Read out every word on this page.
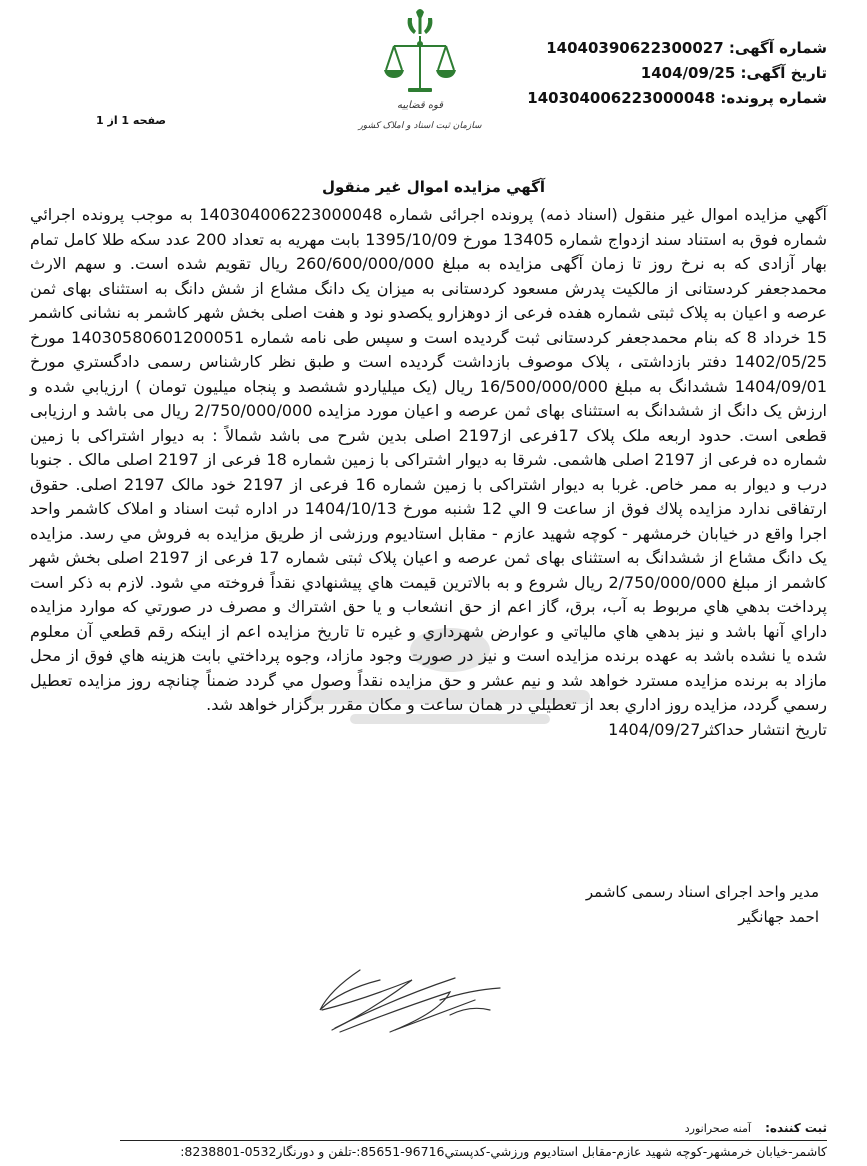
شماره آگهی: 14040390622300027
تاریخ آگهی: 1404/09/25
شماره پرونده: 140304006223000048
قوه قضاییه
سازمان ثبت اسناد و املاک کشور
صفحه 1 از 1
آگهي مزايده اموال غير منقول
آگهي مزايده اموال غير منقول (اسناد ذمه) پرونده اجرائی شماره 140304006223000048 به موجب پرونده اجرائي شماره فوق به استناد سند ازدواج شماره 13405 مورخ 1395/10/09 بابت مهريه به تعداد 200 عدد سکه طلا کامل تمام بهار آزادی که به نرخ روز تا زمان آگهی مزایده به مبلغ 260/600/000/000 ريال تقويم شده است. و سهم الارث محمدجعفر کردستانی از مالکيت پدرش مسعود کردستانی به ميزان يک دانگ مشاع از شش دانگ به استثنای بهای ثمن عرصه و اعيان به پلاک ثبتی شماره هفده فرعی از دوهزارو يکصدو نود و هفت اصلی بخش شهر کاشمر به نشانی کاشمر 15 خرداد 8 که بنام محمدجعفر کردستانی ثبت گرديده است و سپس طی نامه شماره 14030580601200051 مورخ 1402/05/25 دفتر بازداشتی ، پلاک موصوف بازداشت گرديده است و طبق نظر کارشناس رسمی دادگستري مورخ 1404/09/01 ششدانگ به مبلغ 16/500/000/000 ريال (يک ميلياردو ششصد و پنجاه ميليون تومان ) ارزيابي شده و ارزش يک دانگ از ششدانگ به استثنای بهای ثمن عرصه و اعيان مورد مزايده 2/750/000/000 ريال می باشد و ارزيابی قطعی است. حدود اربعه ملک پلاک 17فرعی از2197 اصلی بدين شرح می باشد شمالاً : به ديوار اشتراکی با زمين شماره ده فرعی از 2197 اصلی هاشمی. شرقا به ديوار اشتراکی با زمين شماره 18 فرعی از 2197 اصلی مالک . جنوبا درب و ديوار به ممر خاص. غربا به ديوار اشتراکی با زمين شماره 16 فرعی از 2197 خود مالک 2197 اصلی. حقوق ارتفاقی ندارد مزايده پلاك فوق از ساعت 9 الي 12 شنبه مورخ 1404/10/13 در اداره ثبت اسناد و املاک کاشمر واحد اجرا واقع در خيابان خرمشهر - کوچه شهيد عازم - مقابل استاديوم ورزشی از طريق مزايده به فروش مي رسد. مزايده يک دانگ مشاع از ششدانگ به استثنای بهای ثمن عرصه و اعيان پلاک ثبتی شماره 17 فرعی از 2197 اصلی بخش شهر کاشمر از مبلغ 2/750/000/000 ريال شروع و به بالاترين قيمت هاي پيشنهادي نقداً فروخته مي شود. لازم به ذكر است پرداخت بدهي هاي مربوط به آب، برق، گاز اعم از حق انشعاب و يا حق اشتراك و مصرف در صورتي كه موارد مزايده داراي آنها باشد و نيز بدهي هاي مالياتي و عوارض شهرداري و غيره تا تاريخ مزايده اعم از اينكه رقم قطعي آن معلوم شده يا نشده باشد به عهده برنده مزايده است و نيز در صورت وجود مازاد، وجوه پرداختي بابت هزينه هاي فوق از محل مازاد به برنده مزايده مسترد خواهد شد و نيم عشر و حق مزايده نقداً وصول مي گردد ضمناً چنانچه روز مزايده تعطيل رسمي گردد، مزايده روز اداري بعد از تعطيلي در همان ساعت و مكان مقرر برگزار خواهد شد.
تاريخ انتشار حداكثر1404/09/27
مدير واحد اجرای اسناد رسمی کاشمر
احمد جهانگير
ثبت کننده: آمنه صحرانورد
کاشمر-خيابان خرمشهر-کوچه شهيد عازم-مقابل استاديوم ورزشي-کدپستي96716-85651:-تلفن و دورنگار0532-8238801:
